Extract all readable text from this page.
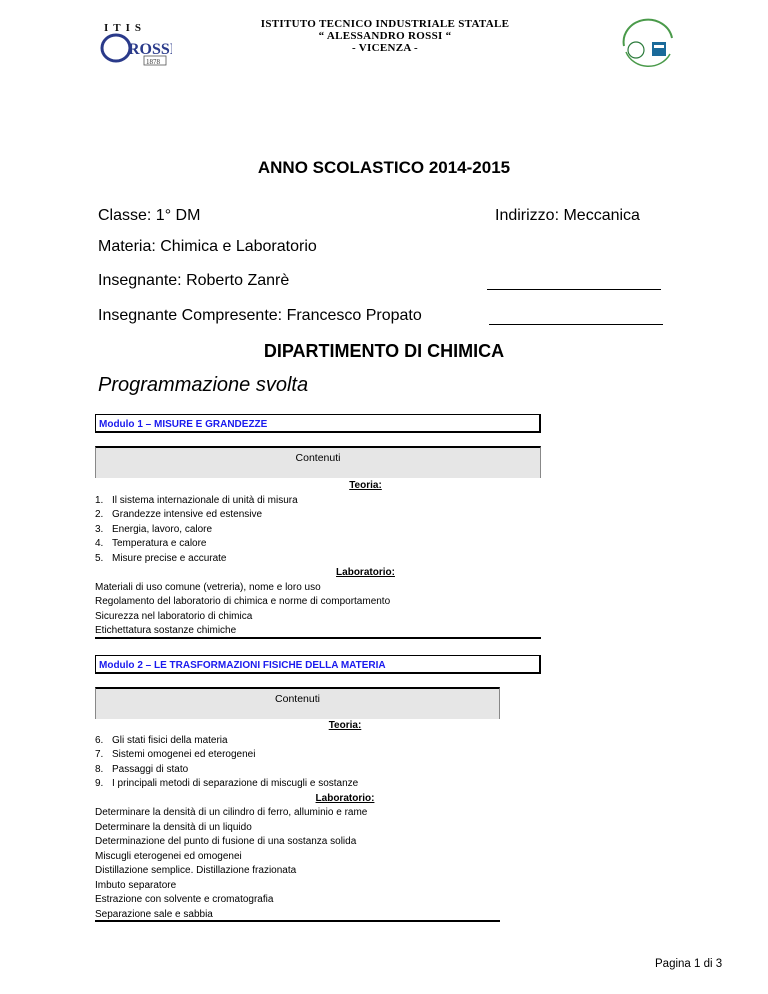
ITIS
ROSSI
1878
ISTITUTO TECNICO INDUSTRIALE STATALE
“ ALESSANDRO ROSSI “
- VICENZA -
ANNO SCOLASTICO 2014-2015
Classe: 1° DM	Indirizzo: Meccanica
Materia: Chimica e Laboratorio
Insegnante: Roberto Zanrè
Insegnante Compresente: Francesco Propato
DIPARTIMENTO DI CHIMICA
Programmazione svolta
Modulo 1 – MISURE E GRANDEZZE
Contenuti
Teoria:
1. Il sistema internazionale di unità di misura
2. Grandezze intensive ed estensive
3. Energia, lavoro, calore
4. Temperatura e calore
5. Misure precise e accurate
Laboratorio:
Materiali di uso comune (vetreria), nome e loro uso
Regolamento del laboratorio di chimica e norme di comportamento
Sicurezza nel laboratorio di chimica
Etichettatura sostanze chimiche
Modulo 2 – LE TRASFORMAZIONI FISICHE DELLA MATERIA
Contenuti
Teoria:
6. Gli stati fisici della materia
7. Sistemi omogenei ed eterogenei
8. Passaggi di stato
9. I principali metodi di separazione di miscugli e sostanze
Laboratorio:
Determinare la densità di un cilindro di ferro, alluminio e rame
Determinare la densità di un liquido
Determinazione del punto di fusione di una sostanza solida
Miscugli eterogenei ed omogenei
Distillazione semplice. Distillazione frazionata
Imbuto separatore
Estrazione con solvente e cromatografia
Separazione sale e sabbia
Pagina 1 di 3
